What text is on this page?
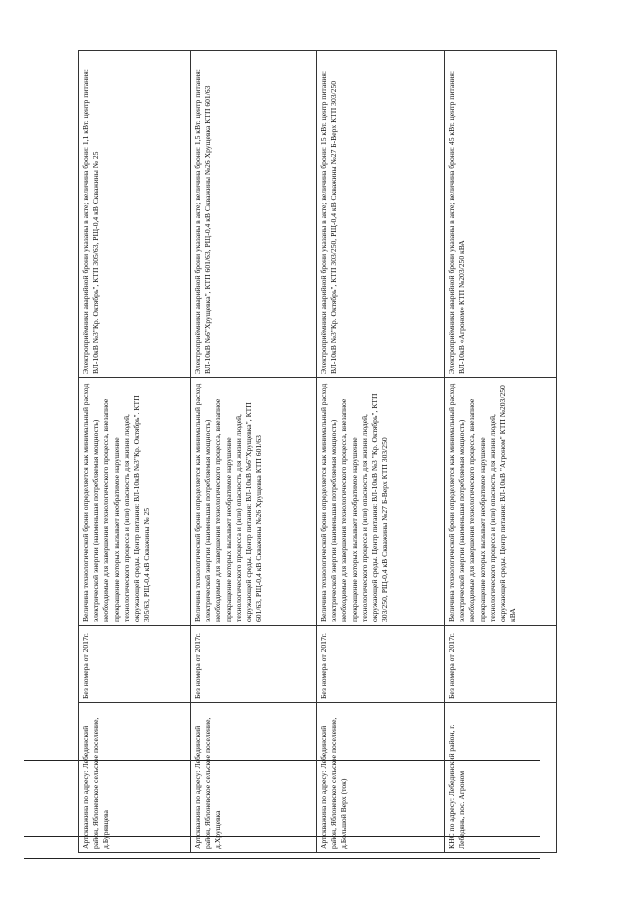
Артскважина по адресу: Лебединский район, Яблоневское сельское поселение, д.Бурявцева	Без номера от 2017г.	Величина технологической брони определяется как минимальный расход электрической энергии (наименьшая потребляемая мощность) необходимые для завершения технологического процесса, внезапное прекращение которых вызывает необратимое нарушение технологического процесса и (или) опасность для жизни людей, окружающей среды. Центр питания: ВЛ-10кВ №3"Кр. Октябрь". КТП 305/63, РЩ-0,4 кВ Скважины № 25	Электроприёмники аварийной брони указаны в акте; величина брони: 1,1 кВт. центр питания: ВЛ-10кВ №3"Кр. Октябрь", КТП 305/63, РЩ-0,4 кВ Скважины № 25
Артскважина по адресу: Лебединский район, Яблоневское сельское поселение, д.Хрущевка	Без номера от 2017г.	Величина технологической брони определяется как минимальный расход электрической энергии (наименьшая потребляемая мощность) необходимые для завершения технологического процесса, внезапное прекращение которых вызывает необратимое нарушение технологического процесса и (или) опасность для жизни людей, окружающей среды. Центр питания: ВЛ-10кВ №6"Хрущевка", КТП 601/63, РЩ-0,4 кВ Скважины №26 Хрущевка КТП 601/63	Электроприёмники аварийной брони указаны в акте; величина брони: 1,5 кВт. центр питания: ВЛ-10кВ №6"Хрущевка", КТП 601/63, РЩ-0,4 кВ Скважины №26 Хрущевка КТП 601/63
Артскважина по адресу: Лебединский район, Яблоневское сельское поселение, д.Большой Верх (ток)	Без номера от 2017г.	Величина технологической брони определяется как минимальный расход электрической энергии (наименьшая потребляемая мощность) необходимые для завершения технологического процесса, внезапное прекращение которых вызывает необратимое нарушение технологического процесса и (или) опасность для жизни людей, окружающей среды. Центр питания: ВЛ-10кВ №3 "Кр. Октябрь", КТП 303/250, РЩ-0,4 кВ Скважины №27 Б-Верх КТП 303/250	Электроприёмники аварийной брони указаны в акте; величина брони: 15 кВт. центр питания: ВЛ-10кВ №3"Кр. Октябрь", КТП 303/250, РЩ-0,4 кВ Скважины №27 Б-Верх КТП 303/250
КНС по адресу: Лебединский район, г. Лебедянь, пос. Агроном	Без номера от 2017г.	Величина технологической брони определяется как минимальный расход электрической энергии (наименьшая потребляемая мощность) необходимые для завершения технологического процесса, внезапное прекращение которых вызывает необратимое нарушение технологического процесса и (или) опасность для жизни людей, окружающей среды. Центр питания: ВЛ-10кВ "Агроном" КТП №203/250 кВА	Электроприёмники аварийной брони указаны в акте; величина брони: 45 кВт. центр питания: ВЛ-10кВ «Агроном» КТП №203/250 кВА
